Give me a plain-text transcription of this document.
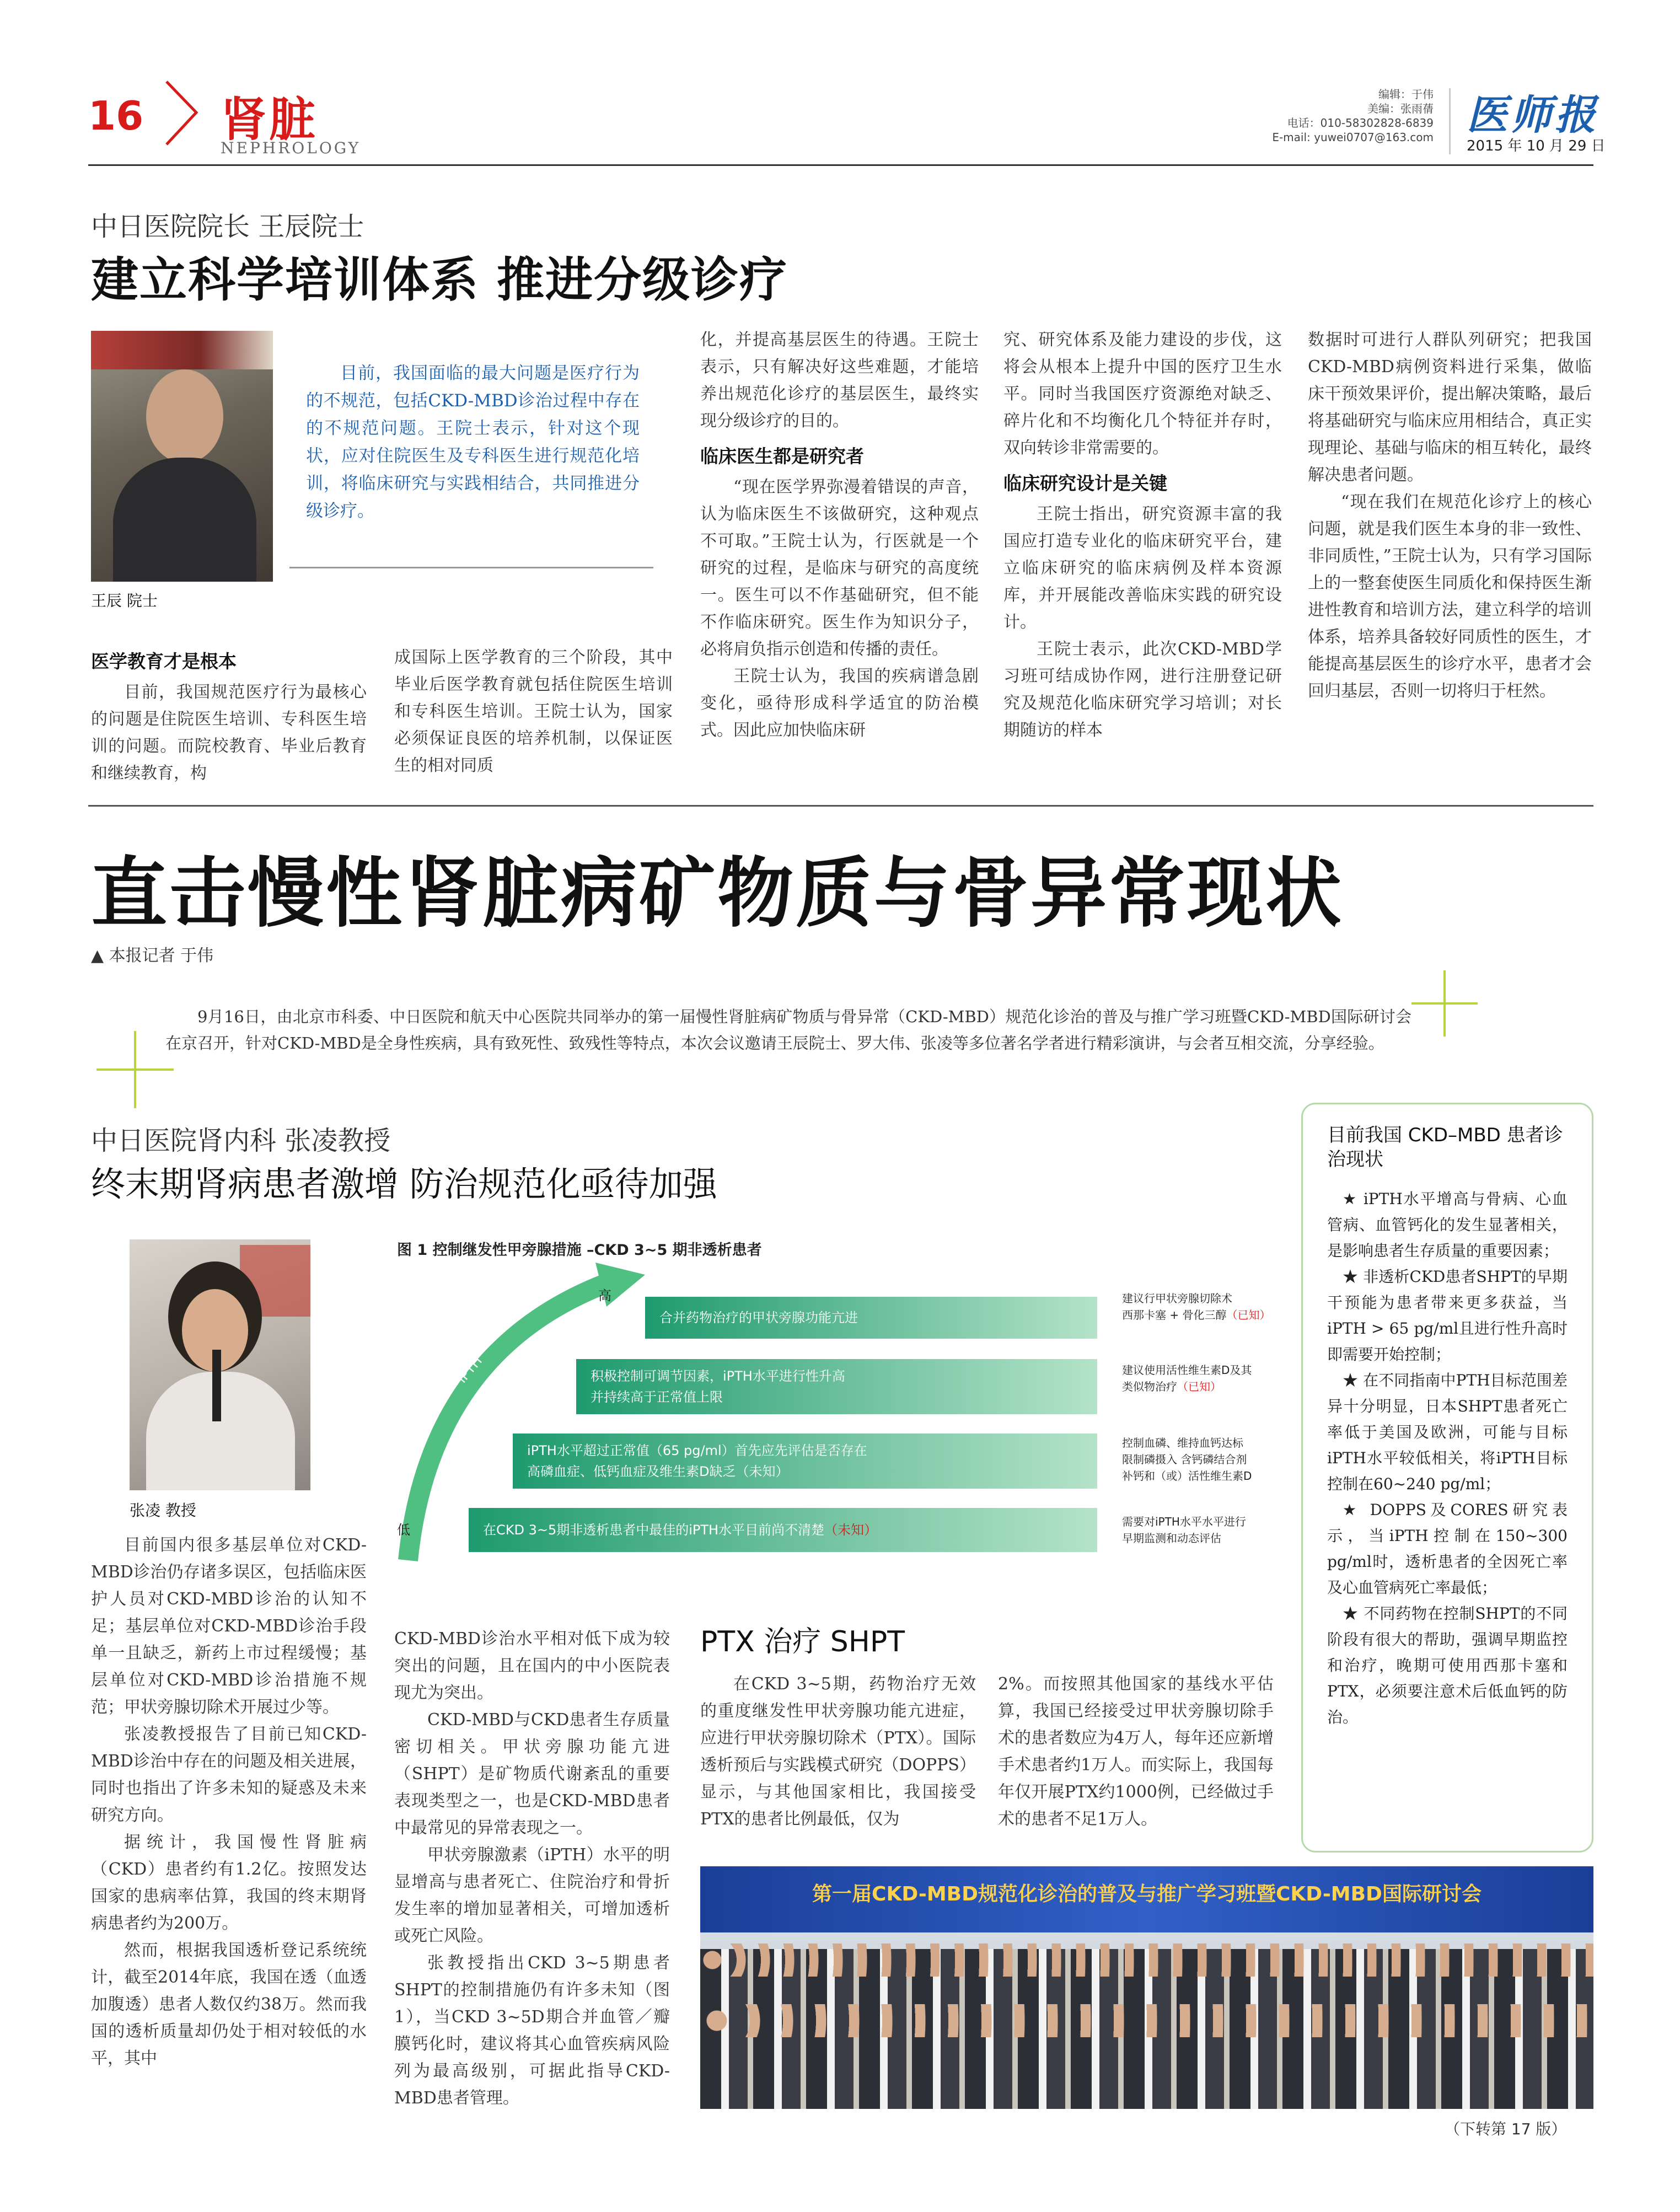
16 肾脏
NEPHROLOGY
编辑：于伟
美编：张雨蒨
电话：010-58302828-6839
E-mail: yuwei0707@163.com 医师报
2015 年 10 月 29 日
中日医院院长 王辰院士
建立科学培训体系 推进分级诊疗
王辰 院士

目前，我国面临的最大问题是医疗行为的不规范，包括CKD-MBD诊治过程中存在的不规范问题。王院士表示，针对这个现状，应对住院医生及专科医生进行规范化培训，将临床研究与实践相结合，共同推进分级诊疗。

医学教育才是根本

目前，我国规范医疗行为最核心的问题是住院医生培训、专科医生培训的问题。而院校教育、毕业后教育和继续教育，构

成国际上医学教育的三个阶段，其中毕业后医学教育就包括住院医生培训和专科医生培训。王院士认为，国家必须保证良医的培养机制，以保证医生的相对同质
化，并提高基层医生的待遇。王院士表示，只有解决好这些难题，才能培养出规范化诊疗的基层医生，最终实现分级诊疗的目的。
临床医生都是研究者

“现在医学界弥漫着错误的声音，认为临床医生不该做研究，这种观点不可取。”王院士认为，行医就是一个研究的过程，是临床与研究的高度统一。医生可以不作基础研究，但不能不作临床研究。医生作为知识分子，必将肩负指示创造和传播的责任。

王院士认为，我国的疾病谱急剧变化，亟待形成科学适宜的防治模式。因此应加快临床研

究、研究体系及能力建设的步伐，这将会从根本上提升中国的医疗卫生水平。同时当我国医疗资源绝对缺乏、碎片化和不均衡化几个特征并存时，双向转诊非常需要的。
临床研究设计是关键

王院士指出，研究资源丰富的我国应打造专业化的临床研究平台，建立临床研究的临床病例及样本资源库，并开展能改善临床实践的研究设计。

王院士表示，此次CKD-MBD学习班可结成协作网，进行注册登记研究及规范化临床研究学习培训；对长期随访的样本

数据时可进行人群队列研究；把我国CKD-MBD病例资料进行采集，做临床干预效果评价，提出解决策略，最后将基础研究与临床应用相结合，真正实现理论、基础与临床的相互转化，最终解决患者问题。

“现在我们在规范化诊疗上的核心问题，就是我们医生本身的非一致性、非同质性，”王院士认为，只有学习国际上的一整套使医生同质化和保持医生渐进性教育和培训方法，建立科学的培训体系，培养具备较好同质性的医生，才能提高基层医生的诊疗水平，患者才会回归基层，否则一切将归于枉然。

直击慢性肾脏病矿物质与骨异常现状
▲ 本报记者 于伟

9月16日，由北京市科委、中日医院和航天中心医院共同举办的第一届慢性肾脏病矿物质与骨异常（CKD-MBD）规范化诊治的普及与推广学习班暨CKD-MBD国际研讨会在京召开，针对CKD-MBD是全身性疾病，具有致死性、致残性等特点，本次会议邀请王辰院士、罗大伟、张凌等多位著名学者进行精彩演讲，与会者互相交流，分享经验。

中日医院肾内科 张凌教授
终末期肾病患者激增 防治规范化亟待加强
张凌 教授
图 1 控制继发性甲旁腺措施 –CKD 3~5 期非透析患者
iPTH
高
低
合并药物治疗的甲状旁腺功能亢进
积极控制可调节因素，iPTH水平进行性升高
并持续高于正常值上限
iPTH水平超过正常值（65 pg/ml）首先应先评估是否存在
高磷血症、低钙血症及维生素D缺乏（未知）
在CKD 3~5期非透析患者中最佳的iPTH水平目前尚不清楚 （未知）
建议行甲状旁腺切除术
西那卡塞 + 骨化三醇（已知）
建议使用活性维生素D及其
类似物治疗（已知）
控制血磷、维持血钙达标
限制磷摄入 含钙磷结合剂
补钙和（或）活性维生素D
需要对iPTH水平水平进行
早期监测和动态评估

目前国内很多基层单位对CKD-MBD诊治仍存诸多误区，包括临床医护人员对CKD-MBD诊治的认知不足；基层单位对CKD-MBD诊治手段单一且缺乏，新药上市过程缓慢；基层单位对CKD-MBD诊治措施不规范；甲状旁腺切除术开展过少等。

张凌教授报告了目前已知CKD-MBD诊治中存在的问题及相关进展，同时也指出了许多未知的疑惑及未来研究方向。

据统计，我国慢性肾脏病（CKD）患者约有1.2亿。按照发达国家的患病率估算，我国的终末期肾病患者约为200万。

然而，根据我国透析登记系统统计，截至2014年底，我国在透（血透加腹透）患者人数仅约38万。然而我国的透析质量却仍处于相对较低的水平，其中

CKD-MBD诊治水平相对低下成为较突出的问题，且在国内的中小医院表现尤为突出。

CKD-MBD与CKD患者生存质量密切相关。甲状旁腺功能亢进（SHPT）是矿物质代谢紊乱的重要表现类型之一，也是CKD-MBD患者中最常见的异常表现之一。

甲状旁腺激素（iPTH）水平的明显增高与患者死亡、住院治疗和骨折发生率的增加显著相关，可增加透析或死亡风险。

张教授指出CKD 3~5期患者SHPT的控制措施仍有许多未知（图1），当CKD 3~5D期合并血管／瓣膜钙化时，建议将其心血管疾病风险列为最高级别，可据此指导CKD-MBD患者管理。

PTX 治疗 SHPT

在CKD 3~5期，药物治疗无效的重度继发性甲状旁腺功能亢进症，应进行甲状旁腺切除术（PTX）。国际透析预后与实践模式研究（DOPPS）显示，与其他国家相比，我国接受PTX的患者比例最低，仅为

2%。而按照其他国家的基线水平估算，我国已经接受过甲状旁腺切除手术的患者数应为4万人，每年还应新增手术患者约1万人。而实际上，我国每年仅开展PTX约1000例，已经做过手术的患者不足1万人。
目前我国 CKD–MBD 患者诊治现状

★ iPTH水平增高与骨病、心血管病、血管钙化的发生显著相关，是影响患者生存质量的重要因素；

★ 非透析CKD患者SHPT的早期干预能为患者带来更多获益，当iPTH > 65 pg/ml且进行性升高时即需要开始控制；

★ 在不同指南中PTH目标范围差异十分明显，日本SHPT患者死亡率低于美国及欧洲，可能与目标iPTH水平较低相关，将iPTH目标控制在60~240 pg/ml；

★ DOPPS及CORES研究表示，当iPTH控制在150~300 pg/ml时，透析患者的全因死亡率及心血管病死亡率最低；

★ 不同药物在控制SHPT的不同阶段有很大的帮助，强调早期监控和治疗，晚期可使用西那卡塞和PTX，必须要注意术后低血钙的防治。

第一届CKD-MBD规范化诊治的普及与推广学习班暨CKD-MBD国际研讨会
（下转第 17 版）
